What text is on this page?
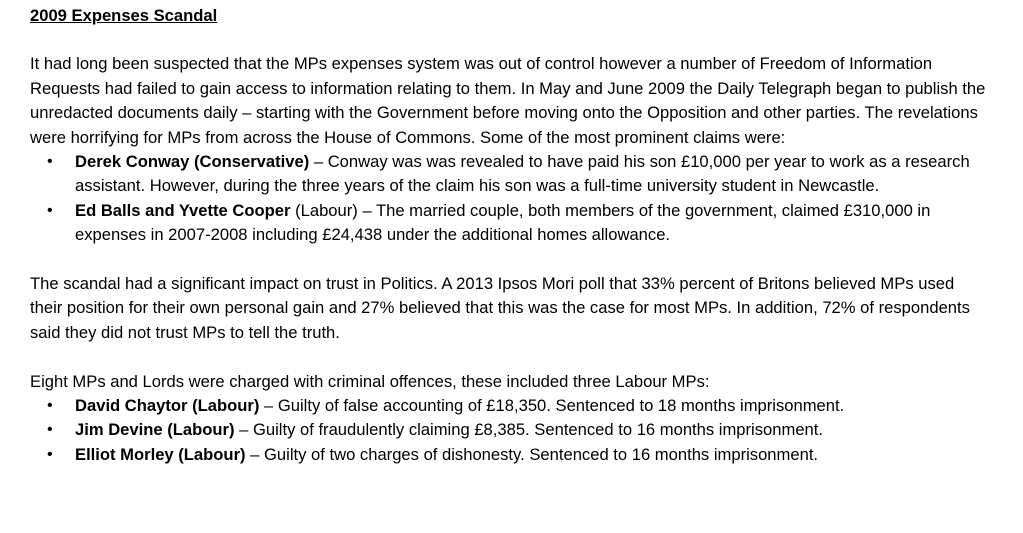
2009 Expenses Scandal

It had long been suspected that the MPs expenses system was out of control however a number of Freedom of Information Requests had failed to gain access to information relating to them. In May and June 2009 the Daily Telegraph began to publish the unredacted documents daily – starting with the Government before moving onto the Opposition and other parties. The revelations were horrifying for MPs from across the House of Commons. Some of the most prominent claims were:

• Derek Conway (Conservative) – Conway was was revealed to have paid his son £10,000 per year to work as a research assistant. However, during the three years of the claim his son was a full-time university student in Newcastle.
• Ed Balls and Yvette Cooper (Labour) – The married couple, both members of the government, claimed £310,000 in expenses in 2007-2008 including £24,438 under the additional homes allowance.

The scandal had a significant impact on trust in Politics. A 2013 Ipsos Mori poll that 33% percent of Britons believed MPs used their position for their own personal gain and 27% believed that this was the case for most MPs. In addition, 72% of respondents said they did not trust MPs to tell the truth.

Eight MPs and Lords were charged with criminal offences, these included three Labour MPs:

• David Chaytor (Labour) – Guilty of false accounting of £18,350. Sentenced to 18 months imprisonment.
• Jim Devine (Labour) – Guilty of fraudulently claiming £8,385. Sentenced to 16 months imprisonment.
• Elliot Morley (Labour) – Guilty of two charges of dishonesty. Sentenced to 16 months imprisonment.
